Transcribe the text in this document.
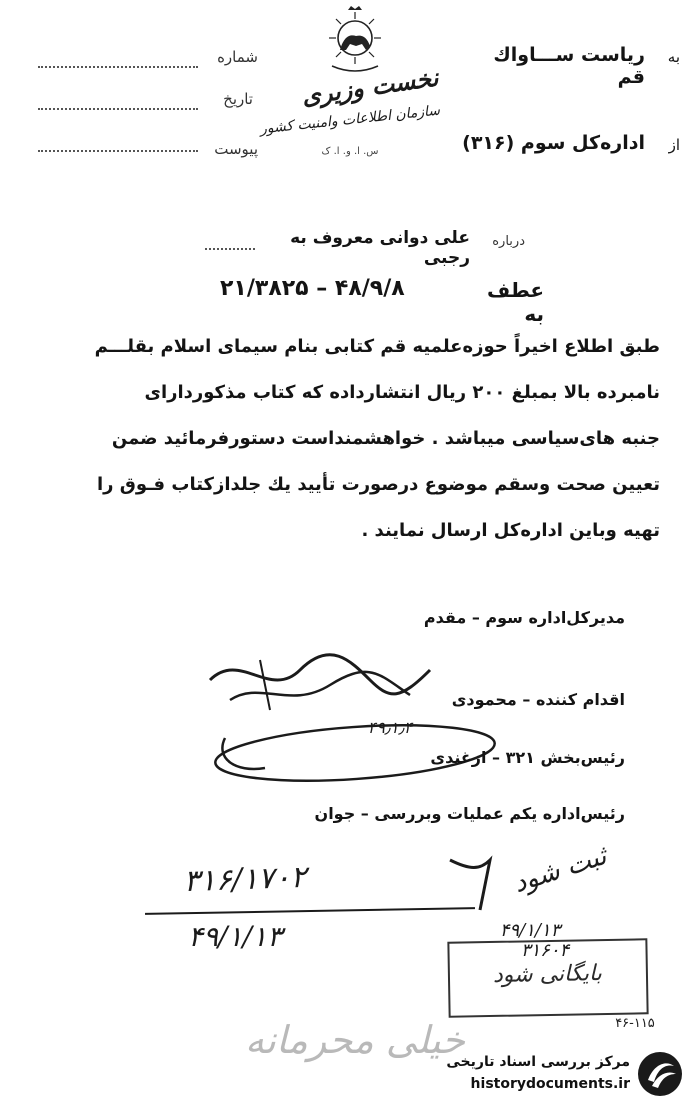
شماره
تاریخ
پیوست
نخست وزیری
سازمان اطلاعات وامنیت کشور
س. ا. و. ا. ک
به
ریاست ســـاواك قم
از
اداره‌کل سوم (۳۱۶)
درباره
علی دوانی معروف به رجبی
عطف به
۲۱/۳۸۲۵ – ۴۸/۹/۸
طبق اطلاع اخیراً حوزه‌علمیه قم کتابی بنام سیمای اسلام بقلـــم
نامبرده بالا بمبلغ ۲۰۰ ریال انتشارداده که کتاب مذکوردارای
جنبه های‌سیاسی میباشد . خواهشمنداست دستورفرمائید ضمن
تعیین صحت وسقم موضوع درصورت تأیید یك جلدازکتاب فـوق را
تهیه وباین اداره‌کل ارسال نمایند .
مدیرکل‌اداره سوم – مقدم
اقدام کننده – محمودی
۴۹٫۱٫۴
رئیس‌بخش ۳۲۱ – ازغندی
رئیس‌اداره یکم عملیات وبررسی – جوان
۳۱۶/۱۷۰۲
۴۹/۱/۱۳
ثبت شود
بایگانی شود
۴۹/۱/۱۳
۳۱۶۰۴
۴۶-۱۱۵
خیلی محرمانه
مرکز بررسی اسناد تاریخی
historydocuments.ir
